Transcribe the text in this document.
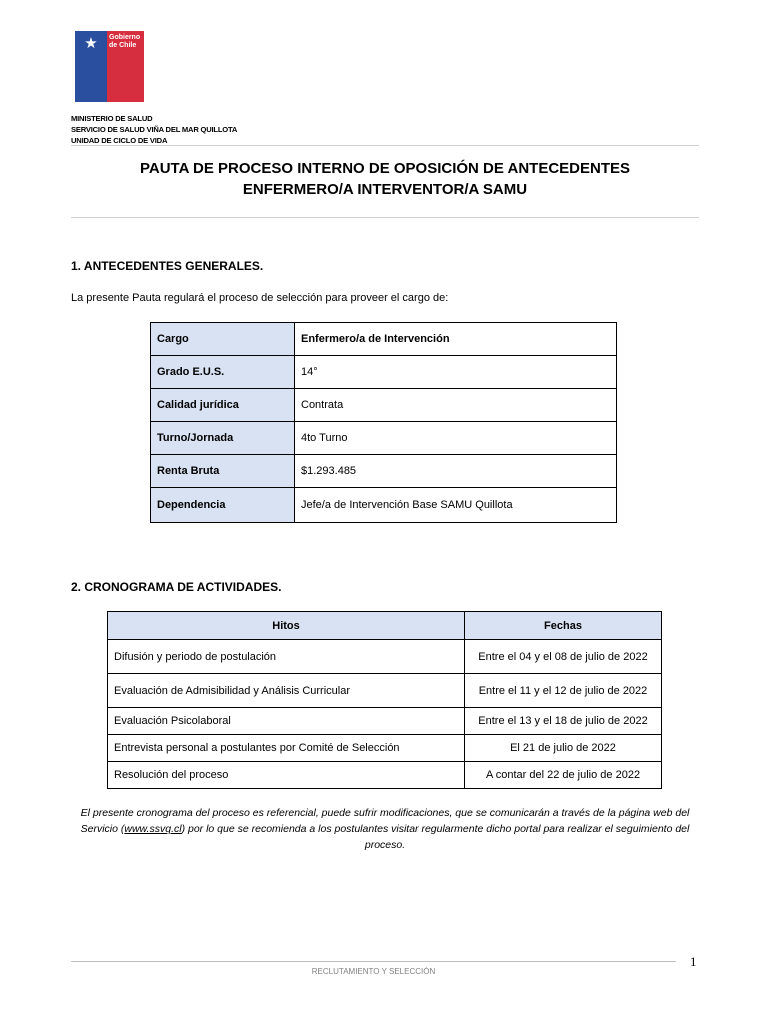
★	Gobierno de Chile
MINISTERIO DE SALUD
SERVICIO DE SALUD VIÑA DEL MAR QUILLOTA
UNIDAD DE CICLO DE VIDA
PAUTA DE PROCESO INTERNO DE OPOSICIÓN DE ANTECEDENTES
ENFERMERO/A INTERVENTOR/A SAMU
1. ANTECEDENTES GENERALES.
La presente Pauta regulará el proceso de selección para proveer el cargo de:
Cargo	Enfermero/a de Intervención
Grado E.U.S.	14°
Calidad jurídica	Contrata
Turno/Jornada	4to Turno
Renta Bruta	$1.293.485
Dependencia	Jefe/a de Intervención Base SAMU Quillota
2. CRONOGRAMA DE ACTIVIDADES.
Hitos	Fechas
Difusión y periodo de postulación	Entre el 04 y el 08 de julio de 2022
Evaluación de Admisibilidad y Análisis Curricular	Entre el 11 y el 12 de julio de 2022
Evaluación Psicolaboral	Entre el 13 y el 18 de julio de 2022
Entrevista personal a postulantes por Comité de Selección	El 21 de julio de 2022
Resolución del proceso	A contar del 22 de julio de 2022
El presente cronograma del proceso es referencial, puede sufrir modificaciones, que se comunicarán a través de la página web del Servicio (www.ssvq.cl) por lo que se recomienda a los postulantes visitar regularmente dicho portal para realizar el seguimiento del proceso.
RECLUTAMIENTO Y SELECCIÓN
1
